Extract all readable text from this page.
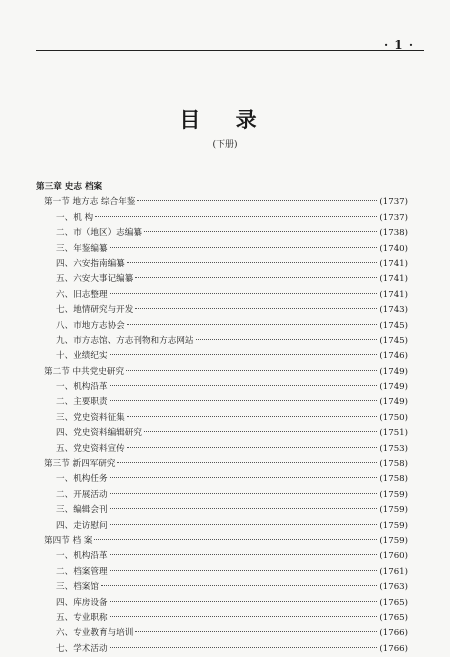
· 1 ·
目 录
(下册)
第三章 史志 档案
第一节 地方志 综合年鉴	(1737)
一、机 构	(1737)
二、市（地区）志编纂	(1738)
三、年鉴编纂	(1740)
四、六安指南编纂	(1741)
五、六安大事记编纂	(1741)
六、旧志整理	(1741)
七、地情研究与开发	(1743)
八、市地方志协会	(1745)
九、市方志馆、方志刊物和方志网站	(1745)
十、业绩纪实	(1746)
第二节 中共党史研究	(1749)
一、机构沿革	(1749)
二、主要职责	(1749)
三、党史资料征集	(1750)
四、党史资料编辑研究	(1751)
五、党史资料宣传	(1753)
第三节 新四军研究	(1758)
一、机构任务	(1758)
二、开展活动	(1759)
三、编辑会刊	(1759)
四、走访慰问	(1759)
第四节 档 案	(1759)
一、机构沿革	(1760)
二、档案管理	(1761)
三、档案馆	(1763)
四、库房设备	(1765)
五、专业职称	(1765)
六、专业教育与培训	(1766)
七、学术活动	(1766)
